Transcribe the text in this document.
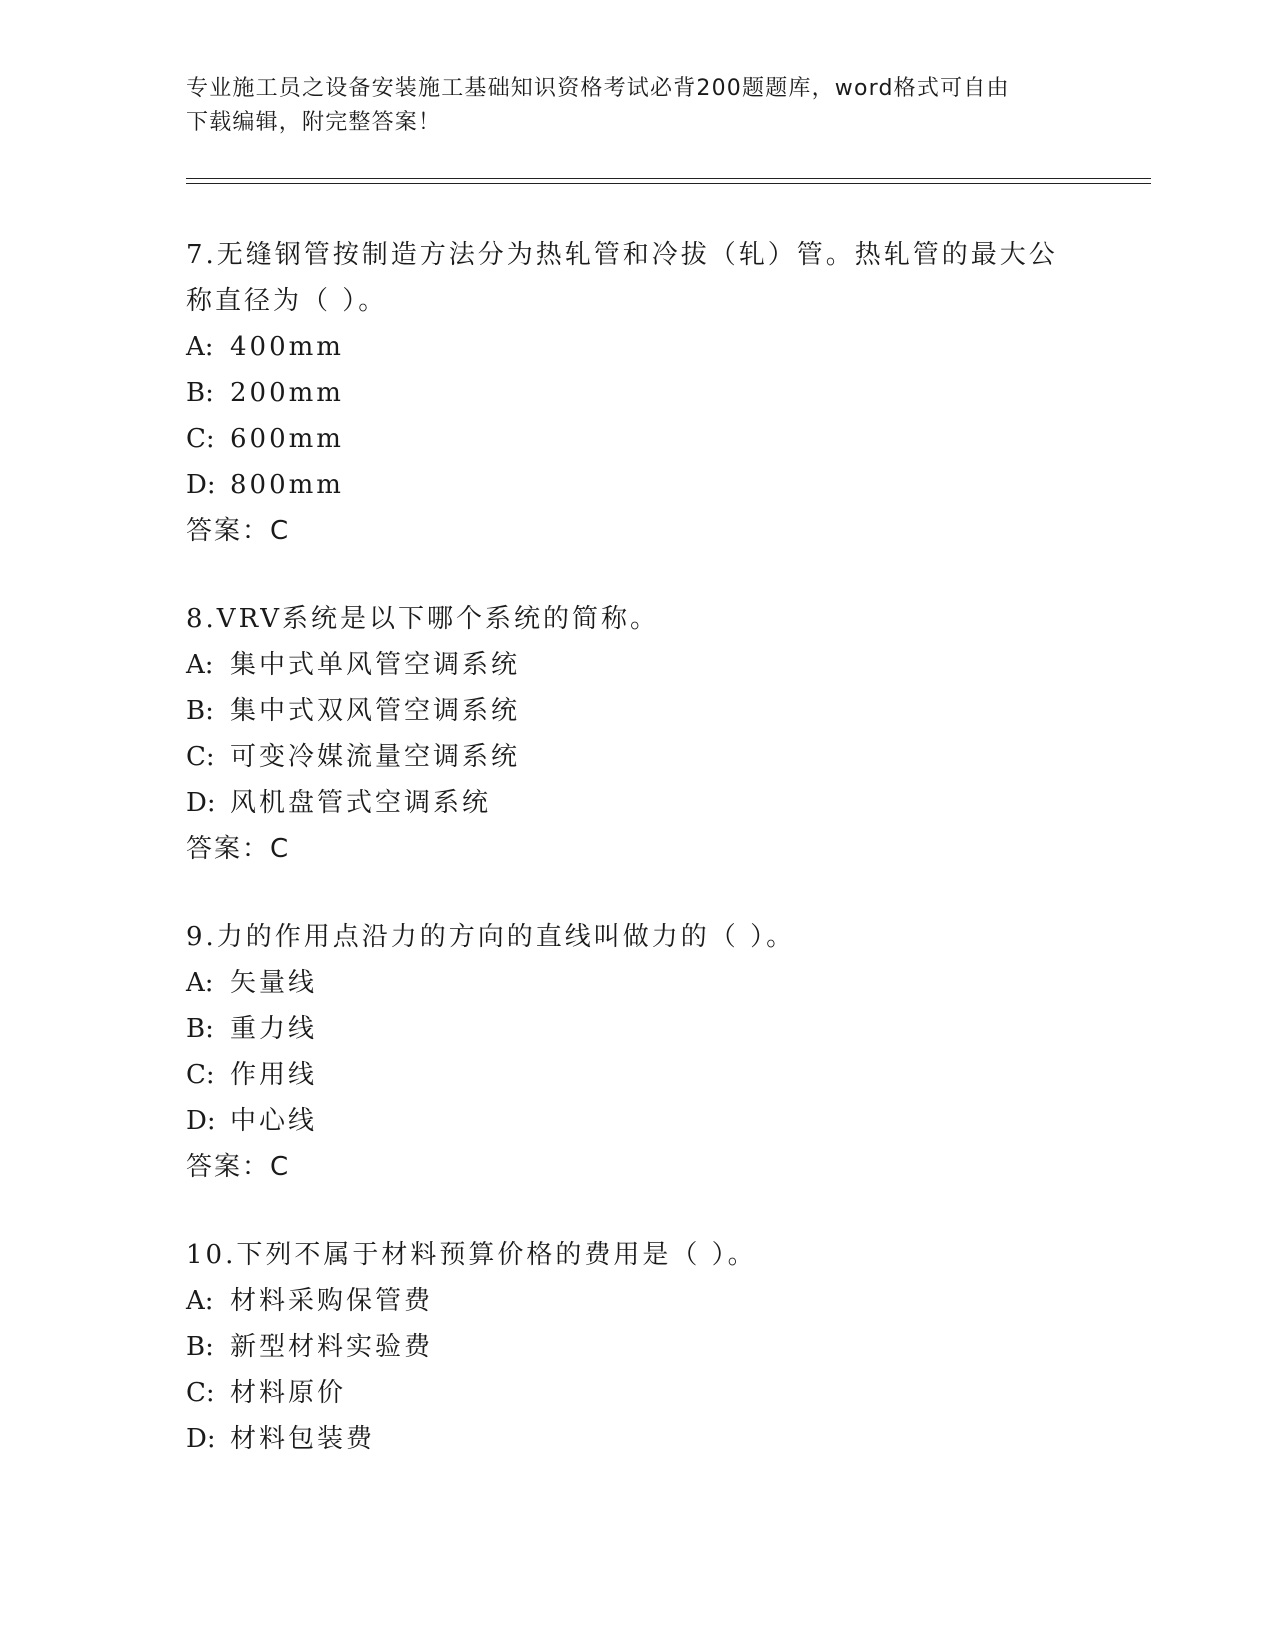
专业施工员之设备安装施工基础知识资格考试必背200题题库，word格式可自由
下载编辑，附完整答案！
7.无缝钢管按制造方法分为热轧管和冷拔（轧）管。热轧管的最大公
称直径为（ ）。
A: 400mm
B: 200mm
C: 600mm
D: 800mm
答案：C
8.VRV系统是以下哪个系统的简称。
A: 集中式单风管空调系统
B: 集中式双风管空调系统
C: 可变冷媒流量空调系统
D: 风机盘管式空调系统
答案：C
9.力的作用点沿力的方向的直线叫做力的（ ）。
A: 矢量线
B: 重力线
C: 作用线
D: 中心线
答案：C
10.下列不属于材料预算价格的费用是（ ）。
A: 材料采购保管费
B: 新型材料实验费
C: 材料原价
D: 材料包装费
